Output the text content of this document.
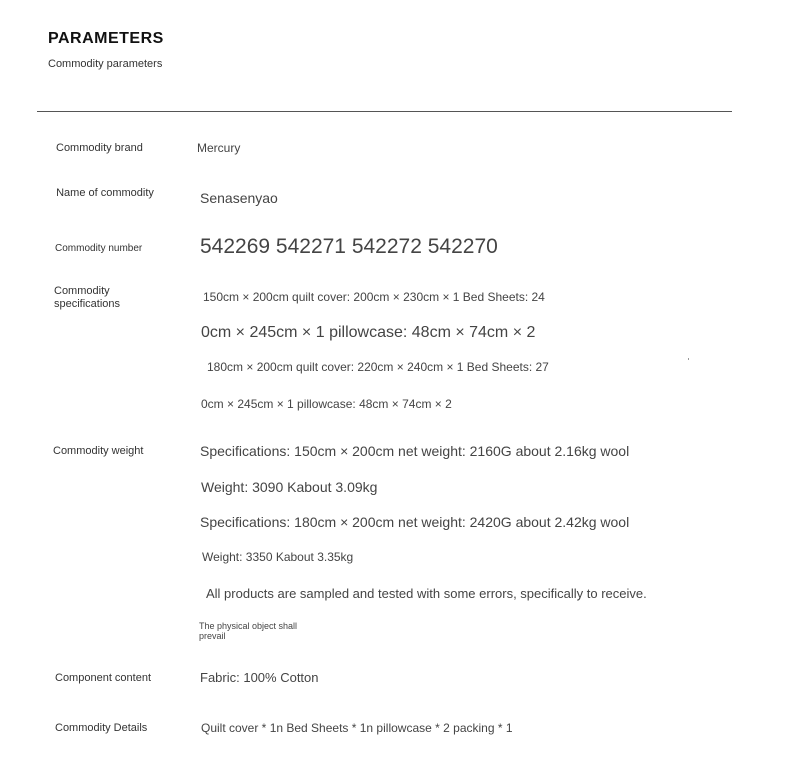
PARAMETERS
Commodity parameters
Commodity brand	Mercury
Name of commodity	Senasenyao
Commodity number	542269 542271 542272 542270
Commodity specifications	150cm × 200cm quilt cover: 200cm × 230cm × 1 Bed Sheets: 24
0cm × 245cm × 1 pillowcase: 48cm × 74cm × 2
180cm × 200cm quilt cover: 220cm × 240cm × 1 Bed Sheets: 27
0cm × 245cm × 1 pillowcase: 48cm × 74cm × 2
Commodity weight	Specifications: 150cm × 200cm net weight: 2160G about 2.16kg wool
Weight: 3090 Kabout 3.09kg
Specifications: 180cm × 200cm net weight: 2420G about 2.42kg wool
Weight: 3350 Kabout 3.35kg
All products are sampled and tested with some errors, specifically to receive.
The physical object shall prevail
Component content	Fabric: 100% Cotton
Commodity Details	Quilt cover * 1n Bed Sheets * 1n pillowcase * 2 packing * 1
